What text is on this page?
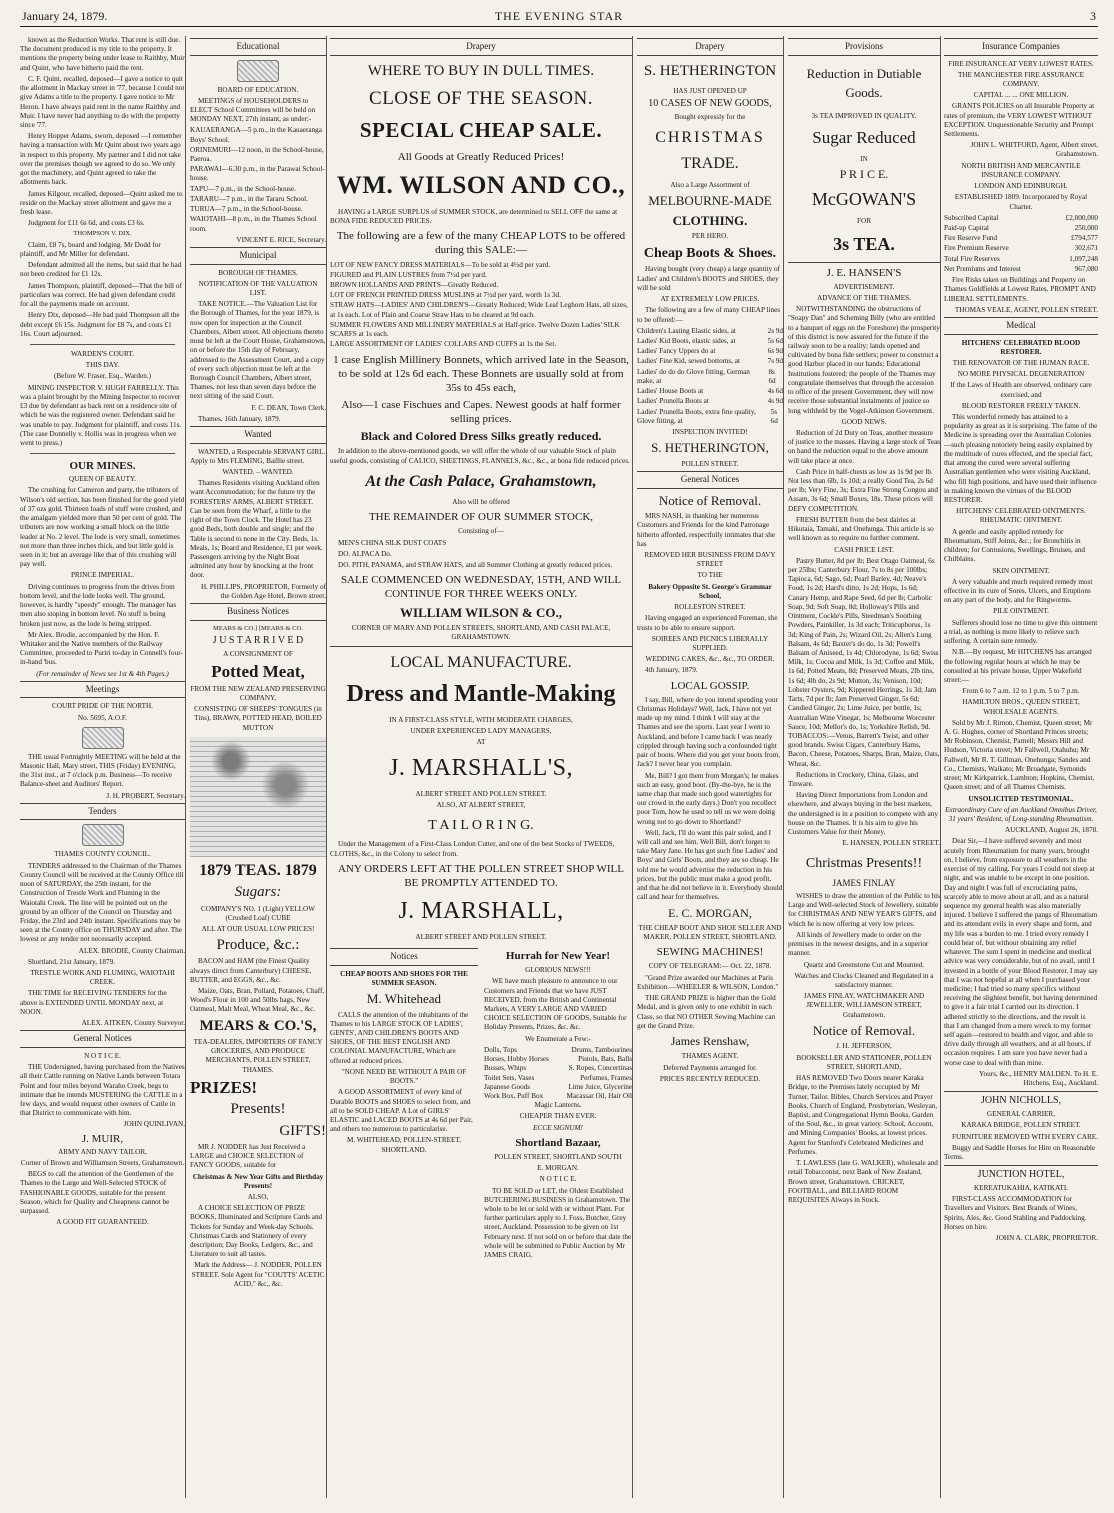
January 24, 1879.	THE EVENING STAR	3

known as the Reduction Works. That rent is still due. The document produced is my title to the property. It mentions the property being under lease to Raithby, Muir and Quint, who have hitherto paid the rent.

C. F. Quint, recalled, deposed—I gave a notice to quit the allotment in Mackay street in '77, because I could not give Adams a title to the property. I gave notice to Mr Heron. I have always paid rent in the name Raithby and Muir. I have never had anything to do with the property since '77.

Henry Hopper Adams, sworn, deposed —I remember having a transaction with Mr Quint about two years ago in respect to this property. My partner and I did not take over the premises though we agreed to do so. We only got the machinery, and Quint agreed to take the allotments back.

James Kilgour, recalled, deposed—Quint asked me to reside on the Mackay street allotment and gave me a fresh lease.

Judgment for £11 6s 6d, and costs £3 6s.

THOMPSON V. DIX.

Claim, £8 7s, board and lodging. Mr Dodd for plaintiff, and Mr Miller for defendant.

Defendant admitted all the items, but said that he had not been credited for £1 12s.

James Thompson, plaintiff, deposed—That the bill of particulars was correct. He had given defendant credit for all the payments made on account.

Henry Dix, deposed—He had paid Thompson all the debt except £6 15s. Judgment for £8 7s, and costs £1 16s. Court adjourned.

WARDEN'S COURT.

THIS DAY.

(Before W. Fraser, Esq., Warden.)

MINING INSPECTOR V. HUGH FARRELLY. This was a plaint brought by the Mining Inspector to recover £3 due by defendant as back rent on a residence site of which he was the registered owner. Defendant said he was unable to pay. Judgment for plaintiff, and costs 11s. (The case Donnelly v. Hollis was in progress when we went to press.)

OUR MINES.

QUEEN OF BEAUTY.

The crushing for Cameron and party, the tributers of Wilson's old section, has been finished for the good yield of 37 ozs gold. Thirteen loads of stuff were crushed, and the amalgam yielded more than 50 per cent of gold. The tributers are now working a small block on the little leader at No. 2 level. The lode is very small, sometimes not more than three inches thick, and but little gold is seen in it; but an average like that of this crushing will pay well.

PRINCE IMPERIAL.

Driving continues to progress from the drives from bottom level, and the lode looks well. The ground, however, is hardly "speedy" enough. The manager has men also stoping in bottom level. No stuff is being broken just now, as the lode is being stripped.

Mr Alex. Brodie, accompanied by the Hon. F. Whitaker and the Native members of the Railway Committee, proceeded to Puriri to-day in Connell's four-in-hand 'bus.

(For remainder of News see 1st & 4th Pages.)

Meetings

COURT PRIDE OF THE NORTH.

No. 5695, A.O.F.

THE usual Fortnightly MEETING will be held at the Masonic Hall, Mary street, THIS (Friday) EVENING, the 31st inst., at 7 o'clock p.m. Business—To receive Balance-sheet and Auditors' Report.

J. H. PROBERT, Secretary.

Tenders

THAMES COUNTY COUNCIL.

TENDERS addressed to the Chairman of the Thames County Council will be received at the County Office till noon of SATURDAY, the 25th instant, for the Construction of Trestle Work and Fluming in the Waiotahi Creek. The line will be pointed out on the ground by an officer of the Council on Thursday and Friday, the 23rd and 24th instant. Specifications may be seen at the County office on THURSDAY and after. The lowest or any tender not necessarily accepted.

ALEX. BRODIE, County Chairman.

Shortland, 21st January, 1879.

TRESTLE WORK AND FLUMING, WAIOTAHI CREEK.

THE TIME for RECEIVING TENDERS for the above is EXTENDED UNTIL MONDAY next, at NOON.

ALEX. AITKEN, County Surveyor.

General Notices

N O T I C E.

THE Undersigned, having purchased from the Natives all their Cattle running on Native Lands between Totara Point and four miles beyond Waraho Creek, begs to intimate that he intends MUSTERING the CATTLE in a few days, and would request other owners of Cattle in that District to communicate with him.

JOHN QUINLIVAN.

J. MUIR,

ARMY AND NAVY TAILOR,

Corner of Brown and Williamson Streets, Grahamstown.

BEGS to call the attention of the Gentlemen of the Thames to the Large and Well-Selected STOCK of FASHIONABLE GOODS, suitable for the present Season, which for Quality and Cheapness cannot be surpassed.

A GOOD FIT GUARANTEED.

Educational

BOARD OF EDUCATION.

MEETINGS of HOUSEHOLDERS to ELECT School Committees will be held on MONDAY NEXT, 27th instant, as under:-

KAUAERANGA—5 p.m., in the Kauaeranga Boys' School.
ORINEMURI—12 noon, in the School-house, Paeroa.
PARAWAI—6.30 p.m., in the Parawai School-house.
TAPU—7 p.m., in the School-house.
TARARU—7 p.m., in the Tararu School.
TURUA—7 p.m., in the School-house.
WAIOTAHI—8 p.m., in the Thames School room.

VINCENT E. RICE, Secretary.

Municipal

BOROUGH OF THAMES.

NOTIFICATION OF THE VALUATION LIST.

TAKE NOTICE.—The Valuation List for the Borough of Thames, for the year 1879, is now open for inspection at the Council Chambers, Albert street. All objections thereto must be left at the Court House, Grahamstown, on or before the 15th day of February, addressed to the Assessment Court, and a copy of every such objection must be left at the Borough Council Chambers, Albert street, Thames, not less than seven days before the next sitting of the said Court.

F. C. DEAN, Town Clerk.

Thames, 16th January, 1879.

Wanted

WANTED, a Respectable SERVANT GIRL. Apply to Mrs FLEMING, Baillie street.

WANTED. – WANTED.

Thames Residents visiting Auckland often want Accommodation; for the future try the FORESTERS' ARMS, ALBERT STREET. Can be seen from the Wharf, a little to the right of the Town Clock. The Hotel has 23 good Beds, both double and single; and the Table is second to none in the City. Beds, 1s. Meals, 1s; Board and Residence, £1 per week. Passengers arriving by the Night Boat admitted any hour by knocking at the front door.

H. PHILLIPS, PROPRIETOR, Formerly of the Golden Age Hotel, Brown street.

Business Notices

MEARS & CO.] [MEARS & CO.

J U S T A R R I V E D

A CONSIGNMENT OF

Potted Meat,

FROM THE NEW ZEALAND PRESERVING COMPANY,

CONSISTING OF SHEEPS' TONGUES (in Tins), BRAWN, POTTED HEAD, BOILED MUTTON

1879 TEAS. 1879

Sugars:

COMPANY'S NO. 1 (Light) YELLOW (Crushed Loaf) CUBE

ALL AT OUR USUAL LOW PRICES!

Produce, &c.:

BACON and HAM (the Finest Quality always direct from Canterbury) CHEESE, BUTTER, and EGGS, &c., &c.

Maize, Oats, Bran, Pollard, Potatoes, Chaff, Wood's Flour in 100 and 50lbs bags, New Oatmeal, Malt Meal, Wheat Meal, &c., &c.

MEARS & CO.'S,

TEA-DEALERS, IMPORTERS OF FANCY GROCERIES, AND PRODUCE MERCHANTS, POLLEN STREET, THAMES.

PRIZES!

Presents!

GIFTS!

MR J. NODDER has Just Received a LARGE and CHOICE SELECTION of FANCY GOODS, suitable for

Christmas & New Year Gifts and Birthday Presents!

ALSO,

A CHOICE SELECTION OF PRIZE BOOKS, Illuminated and Scripture Cards and Tickets for Sunday and Week-day Schools. Christmas Cards and Stationery of every description; Day Books, Ledgers, &c., and Literature to suit all tastes.

Mark the Address— J. NODDER, POLLEN STREET. Sole Agent for "COUTTS' ACETIC ACID," &c., &c.

Drapery
WHERE TO BUY IN DULL TIMES.
CLOSE OF THE SEASON.
SPECIAL CHEAP SALE.
All Goods at Greatly Reduced Prices!
WM. WILSON AND CO.,

HAVING a LARGE SURPLUS of SUMMER STOCK, are determined to SELL OFF the same at BONA FIDE REDUCED PRICES.

The following are a few of the many CHEAP LOTS to be offered during this SALE:—
LOT OF NEW FANCY DRESS MATERIALS—To be sold at 4½d per yard.
FIGURED and PLAIN LUSTRES from 7½d per yard.
BROWN HOLLANDS AND PRINTS—Greatly Reduced.
LOT OF FRENCH PRINTED DRESS MUSLINS at 7½d per yard, worth 1s 3d.
STRAW HATS—LADIES' AND CHILDREN'S—Greatly Reduced; Wide Leaf Leghorn Hats, all sizes, at 1s each. Lot of Plain and Coarse Straw Hats to be cleared at 9d each.
SUMMER FLOWERS AND MILLINERY MATERIALS at Half-price. Twelve Dozen Ladies' SILK SCARFS at 1s each.
LARGE ASSORTMENT OF LADIES' COLLARS AND CUFFS at 1s the Set.
1 case English Millinery Bonnets, which arrived late in the Season, to be sold at 12s 6d each. These Bonnets are usually sold at from 35s to 45s each,
Also—1 case Fischues and Capes. Newest goods at half former selling prices.
Black and Colored Dress Silks greatly reduced.

In addition to the above-mentioned goods, we will offer the whole of our valuable Stock of plain useful goods, consisting of CALICO, SHEETINGS, FLANNELS, &c., &c., at bona fide reduced prices.

At the Cash Palace, Grahamstown,

Also will be offered

THE REMAINDER OF OUR SUMMER STOCK,

Consisting of—

MEN'S CHINA SILK DUST COATS

DO. ALPACA Do.

DO. PITH, PANAMA, and STRAW HATS, and all Summer Clothing at greatly reduced prices.

SALE COMMENCED ON WEDNESDAY, 15TH, AND WILL CONTINUE FOR THREE WEEKS ONLY.
WILLIAM WILSON & CO.,

CORNER OF MARY AND POLLEN STREETS, SHORTLAND, AND CASH PALACE, GRAHAMSTOWN.

LOCAL MANUFACTURE.
Dress and Mantle-Making

IN A FIRST-CLASS STYLE, WITH MODERATE CHARGES,

UNDER EXPERIENCED LADY MANAGERS,

AT

J. MARSHALL'S,

ALBERT STREET AND POLLEN STREET.

ALSO, AT ALBERT STREET,

T A I L O R I N G.

Under the Management of a First-Class London Cutter, and one of the best Stocks of TWEEDS, CLOTHS, &c., in the Colony to select from.

ANY ORDERS LEFT AT THE POLLEN STREET SHOP WILL BE PROMPTLY ATTENDED TO.
J. MARSHALL,

ALBERT STREET AND POLLEN STREET.

Notices

CHEAP BOOTS AND SHOES FOR THE SUMMER SEASON.

M. Whitehead

CALLS the attention of the inhabitants of the Thames to his LARGE STOCK OF LADIES', GENTS', AND CHILDREN'S BOOTS AND SHOES, OF THE BEST ENGLISH AND COLONIAL MANUFACTURE, Which are offered at reduced prices.

"NONE NEED BE WITHOUT A PAIR OF BOOTS."

A GOOD ASSORTMENT of every kind of Durable BOOTS and SHOES to select from, and all to be SOLD CHEAP. A Lot of GIRLS' ELASTIC and LACED BOOTS at 4s 6d per Pair, and others too numerous to particularise.

M. WHITEHEAD, POLLEN-STREET, SHORTLAND.

Hurrah for New Year!

GLORIOUS NEWS!!!

WE have much pleasure to announce to our Customers and Friends that we have JUST RECEIVED, from the British and Continental Markets, A VERY LARGE AND VARIED CHOICE SELECTION OF GOODS, Suitable for Holiday Presents, Prizes, &c. &c.

We Enumerate a Few:-

Dolls, Tops	Drums, Tambourines
Horses, Hobby Horses	Pistols, Bats, Balls
Busses, Whips	S. Ropes, Concertinas
Toilet Sets, Vases	Perfumes, Frames
Japanese Goods	Lime Juice, Glycerine
Work Box, Puff Box	Macassar Oil, Hair Oil

Magic Lanterns.

CHEAPER THAN EVER.

ECCE SIGNUM!

Shortland Bazaar,

POLLEN STREET, SHORTLAND SOUTH

E. MORGAN.

N O T I C E.

TO BE SOLD or LET, the Oldest Established BUTCHERING BUSINESS in Grahamstown. The whole to be let or sold with or without Plant. For further particulars apply to J. Foss, Butcher, Grey street, Auckland. Possession to be given on 1st February next. If not sold on or before that date the whole will be submitted to Public Auction by Mr JAMES CRAIG.

Drapery
S. HETHERINGTON

HAS JUST OPENED UP

10 CASES OF NEW GOODS,

Bought expressly for the

CHRISTMAS
TRADE.

Also a Large Assortment of

MELBOURNE-MADE
CLOTHING.

PER HERO.

Cheap Boots & Shoes.

Having bought (very cheap) a large quantity of Ladies' and Children's BOOTS and SHOES, they will be sold

AT EXTREMELY LOW PRICES.

The following are a few of many CHEAP lines to be offered:—

Children's Lasting Elastic sides, at	2s 9d
Ladies' Kid Boots, elastic sides, at	5s 6d
Ladies' Fancy Uppers do at	6s 9d
Ladies' Fine Kid, sewed bottoms, at	7s 9d
Ladies' do do do Glove fitting, German make, at
8s 6d
Ladies' House Boots at	4s 6d
Ladies' Prunella Boots at	4s 9d
Ladies' Prunella Boots, extra fine quality, Glove fitting, at
5s 6d

INSPECTION INVITED!

S. HETHERINGTON,

POLLEN STREET.

General Notices
Notice of Removal.

MRS NASH, in thanking her numerous Customers and Friends for the kind Patronage hitherto afforded, respectfully intimates that she has

REMOVED HER BUSINESS FROM DAVY STREET

TO THE

Bakery Opposite St. George's Grammar School,

ROLLESTON STREET.

Having engaged an experienced Foreman, she trusts to be able to ensure support.

SOIREES AND PICNICS LIBERALLY SUPPLIED.

WEDDING CAKES, &c., &c., TO ORDER.

4th January, 1879.

LOCAL GOSSIP.

I say, Bill, where do you intend spending your Christmas Holidays? Well, Jack, I have not yet made up my mind. I think I will stay at the Thames and see the sports. Last year I went to Auckland, and before I came back I was nearly crippled through having such a confounded tight pair of boots. Where did you get your boots from, Jack? I never hear you complain.

Me, Bill? I got them from Morgan's; he makes such an easy, good boot. (By-the-bye, he is the same chap that made such good watertights for our crowd in the early days.) Don't you recollect poor Tom, how he used to tell us we were doing wrong not to go down to Shortland?

Well, Jack, I'll do want this pair soled, and I will call and see him. Well Bill, don't forget to take Mary Jane. He has got such fine Ladies' and Boys' and Girls' Boots, and they are so cheap. He told me he would advertise the reduction in his prices, but the public must make a good profit, and that he did not believe in it. Everybody should call and hear for themselves.

E. C. MORGAN,

THE CHEAP BOOT AND SHOE SELLER AND MAKER, POLLEN STREET, SHORTLAND.

SEWING MACHINES!

COPY OF TELEGRAM:— Oct. 22, 1878.

"Grand Prize awarded our Machines at Paris Exhibition.—WHEELER & WILSON, London."

THE GRAND PRIZE is higher than the Gold Medal, and is given only to one exhibit in each Class, so that NO OTHER Sewing Machine can get the Grand Prize.

James Renshaw,

THAMES AGENT.

Deferred Payments arranged for.

PRICES RECENTLY REDUCED.

Provisions
Reduction in Dutiable
Goods.

3s TEA IMPROVED IN QUALITY.

Sugar Reduced

IN

P R I C E.
McGOWAN'S

FOR

3s TEA.
J. E. HANSEN'S

ADVERTISEMENT.

ADVANCE OF THE THAMES.

NOTWITHSTANDING the obstructions of "Soapy Dan" and Scheming Billy (who are entitled to a banquet of eggs on the Foreshore) the prosperity of this district is now assured for the future if the railway soon to be a reality; lands opened and cultivated by bona fide settlers; power to construct a good Harbor placed in our hands; Educational Institutions fostered; the people of the Thames may congratulate themselves that through the accession to office of the present Government, they will now receive those substantial instalments of justice so long withheld by the Vogel-Atkinson Government.

GOOD NEWS.

Reduction of 2d Duty on Teas, another measure of justice to the masses. Having a large stock of Teas on hand the reduction equal to the above amount will take place at once.

Cash Price in half-chests as low as 1s 9d per lb. Not less than 6lb, 1s 10d; a really Good Tea, 2s 6d per lb; Very Fine, 3s; Extra Fine Strong Congou and Assam, 3s 6d; Small Boxes, 18s. These prices will DEFY COMPETITION.

FRESH BUTTER from the best dairies at Hikutaia, Tamaki, and Onehunga. This article is so well known as to require no further comment.

CASH PRICE LIST.

Pastry Butter, 8d per lb; Best Otago Oatmeal, 6s per 25lbs; Canterbury Flour, 7s to 8s per 100lbs; Tapioca, 6d; Sago, 6d; Pearl Barley, 4d; Neave's Food, 1s 2d; Hard's ditto, 1s 2d; Hops, 1s 6d; Canary Hemp, and Rape Seed, 6d per lb; Carbolic Soap, 9d; Soft Soap, 8d; Holloway's Pills and Ointment, Cockle's Pills, Steedman's Soothing Powders, Painkiller, 1s 3d each; Triticuphorus, 1s 3d; King of Pain, 2s; Wizard Oil, 2s; Allen's Lung Balsam, 4s 6d; Baxter's do do, 1s 3d; Powell's Balsam of Aniseed, 1s 4d; Chlorodyne, 1s 6d; Swiss Milk, 1s; Cocoa and Milk, 1s 3d; Coffee and Milk, 1s 6d; Potted Meats, 8d; Preserved Meats, 2lb tins, 1s 6d; 4lb do, 2s 9d; Mutton, 3s; Venison, 10d; Lobster Oysters, 9d; Kippered Herrings, 1s 3d; Jam Tarts, 7d per lb; Jam Preserved Ginger, 5s 6d; Candied Ginger, 2s; Lime Juice, per bottle, 1s; Australian Wine Vinegar, 1s; Melbourne Worcester Sauce, 10d; Mellor's do, 1s; Yorkshire Relish, 9d. TOBACCOS:—Venus, Barrett's Twist, and other good brands. Swiss Cigars, Canterbury Hams, Bacon, Cheese, Potatoes, Sharps, Bran, Maize, Oats, Wheat, &c.

Reductions in Crockery, China, Glass, and Tinware.

Having Direct Importations from London and elsewhere, and always buying in the best markets, the undersigned is in a position to compete with any house on the Thames. It is his aim to give his Customers Value for their Money.

E. HANSEN, POLLEN STREET.

Christmas Presents!!

JAMES FINLAY

WISHES to draw the attention of the Public to his Large and Well-selected Stock of Jewellery, suitable for CHRISTMAS AND NEW YEAR'S GIFTS, and which he is now offering at very low prices.

All kinds of Jewellery made to order on the premises in the newest designs, and in a superior manner.

Quartz and Greenstone Cut and Mounted.

Watches and Clocks Cleaned and Regulated in a satisfactory manner.

JAMES FINLAY, WATCHMAKER AND JEWELLER, WILLIAMSON STREET, Grahamstown.

Notice of Removal.

J. H. JEFFERSON,

BOOKSELLER AND STATIONER, POLLEN STREET, SHORTLAND,

HAS REMOVED Two Doors nearer Karaka Bridge, to the Premises lately occupied by Mr Turner, Tailor. Bibles, Church Services and Prayer Books, Church of England, Presbyterian, Wesleyan, Baptist, and Congregational Hymn Books, Garden of the Soul, &c., in great variety. School, Account, and Mining Companies' Books, at lowest prices. Agent for Stanford's Celebrated Medicines and Perfumes.

T. LAWLESS (late G. WALKER), wholesale and retail Tobacconist, next Bank of New Zealand, Brown street, Grahamstown. CRICKET, FOOTBALL, and BILLIARD ROOM REQUISITES Always in Stock.

Insurance Companies

FIRE INSURANCE AT VERY LOWEST RATES.

THE MANCHESTER FIRE ASSURANCE COMPANY.

CAPITAL ... ... ONE MILLION.

GRANTS POLICIES on all Insurable Property at rates of premium, the VERY LOWEST WITHOUT EXCEPTION. Unquestionable Security and Prompt Settlements.

JOHN L. WHITFORD, Agent, Albert street, Grahamstown.

NORTH BRITISH AND MERCANTILE INSURANCE COMPANY.

LONDON AND EDINBURGH.

ESTABLISHED 1809. Incorporated by Royal Charter.

Subscribed Capital	£2,000,000
Paid-up Capital	250,000
Fire Reserve Fund	£794,577
Fire Premium Reserve	302,671
Total Fire Reserves	1,097,248
Net Premiums and Interest	967,080

Fire Risks taken on Buildings and Property on Thames Goldfields at Lowest Rates. PROMPT AND LIBERAL SETTLEMENTS.

THOMAS VEALE, AGENT, POLLEN STREET.

Medical

HITCHENS' CELEBRATED BLOOD RESTORER.

THE RENOVATOR OF THE HUMAN RACE.

NO MORE PHYSICAL DEGENERATION

If the Laws of Health are observed, ordinary care exercised, and

BLOOD RESTORER FREELY TAKEN.

This wonderful remedy has attained to a popularity as great as it is surprising. The fame of the Medicine is spreading over the Australian Colonies—such pleasing notoriety being easily explained by the multitude of cures effected, and the special fact, that among the cured were several suffering Australian gentlemen who were visiting Auckland, who fill high positions, and have used their influence in making known the virtues of the BLOOD RESTORER.

HITCHENS' CELEBRATED OINTMENTS. RHEUMATIC OINTMENT.

A gentle and easily applied remedy for Rheumatism, Stiff Joints, &c.; for Bronchitis in children; for Contusions, Swellings, Bruises, and Chilblains.

SKIN OINTMENT.

A very valuable and much required remedy most effective in its cure of Sores, Ulcers, and Eruptions on any part of the body, and for Ringworms.

PILE OINTMENT.

Sufferers should lose no time to give this ointment a trial, as nothing is more likely to relieve such suffering. A certain sure remedy.

N.B.—By request, Mr HITCHENS has arranged the following regular hours at which he may be consulted at his private house, Upper Wakefield street:—

From 6 to 7 a.m. 12 to 1 p.m. 5 to 7 p.m.

HAMILTON BROS., QUEEN STREET, WHOLESALE AGENTS.

Sold by Mr J. Rimon, Chemist, Queen street; Mr A. G. Hughes, corner of Shortland Princes streets; Mr Robinson, Chemist, Parnell; Messrs Hill and Hudson, Victoria street; Mr Fallwell, Otahuhu; Mr Fallwell, Mr R. T. Gillman, Onehunga; Sandes and Co., Chemists, Waikato; Mr Broadgate, Symonds street; Mr Kirkpatrick, Lambton; Hopkins, Chemist, Queen street; and of all Thames Chemists.

UNSOLICITED TESTIMONIAL.

Extraordinary Cure of an Auckland Omnibus Driver, 31 years' Resident, of Long-standing Rheumatism.

AUCKLAND, August 26, 1878.

Dear Sir,—I have suffered severely and most acutely from Rheumatism for many years, brought on, I believe, from exposure to all weathers in the exercise of my calling. For years I could not sleep at night, and was unable to be except in one position. Day and night I was full of excruciating pains, scarcely able to move about at all, and as a natural sequence my general health was also materially injured. I believe I suffered the pangs of Rheumatism and its attendant evils in every shape and form, and my life was a burden to me. I tried every remedy I could hear of, but without obtaining any relief whatever. The sum I spent in medicine and medical advice was very considerable, but of no avail, until I invested in a bottle of your Blood Restorer. I may say that I was not hopeful at all when I purchased your medicine; I had tried so many specifics without receiving the slightest benefit, but having determined to give it a fair trial I carried out its direction. I adhered strictly to the directions, and the result is that I am changed from a mere wreck to my former self again—restored to health and vigor, and able to drive daily through all weathers, and at all hours, if occasion requires. I am sure you have never had a worse case to deal with than mine.

Yours, &c., HENRY MALDEN. To H. E. Hitchens, Esq., Auckland.

JOHN NICHOLLS,

GENERAL CARRIER,

KARAKA BRIDGE, POLLEN STREET.

FURNITURE REMOVED WITH EVERY CARE.

Buggy and Saddle Horses for Hire on Reasonable Terms.

JUNCTION HOTEL,

KEREATUKAHIA, KATIKATI.

FIRST-CLASS ACCOMMODATION for Travellers and Visitors. Best Brands of Wines, Spirits, Ales, &c. Good Stabling and Paddocking. Horses on hire.

JOHN A. CLARK, PROPRIETOR.
